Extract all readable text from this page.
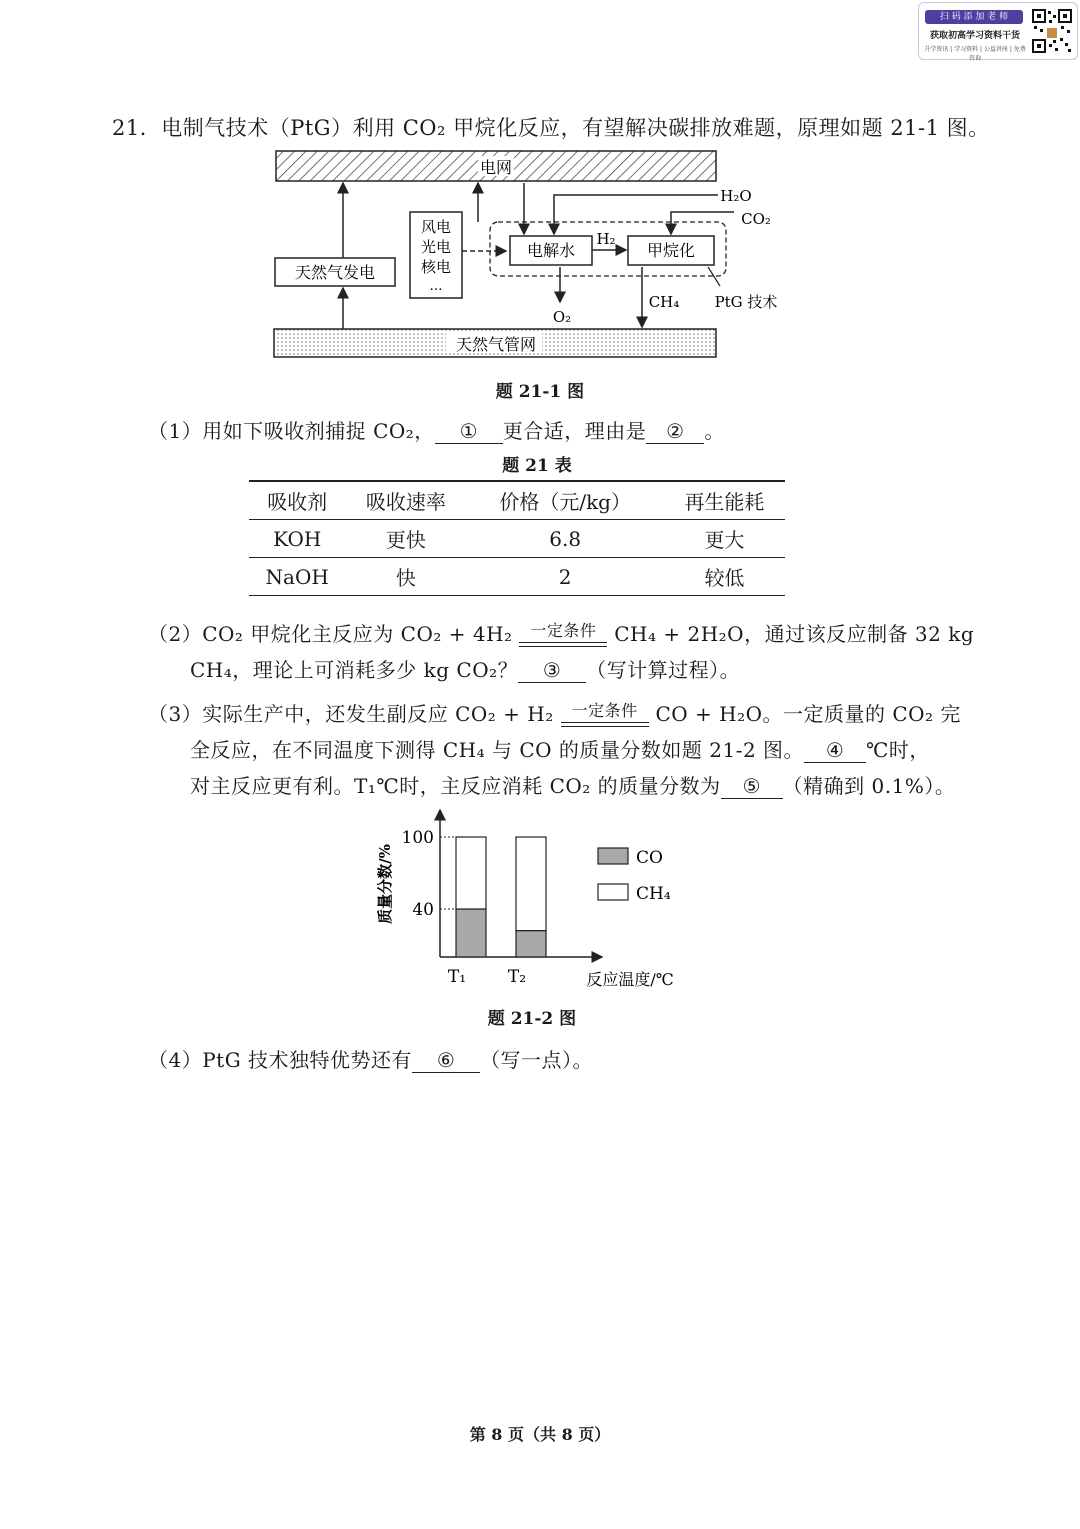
扫 码 添 加 老 师
获取初高学习资料干货
升学资讯 | 学习资料 | 公益讲座 | 免费咨询
21．电制气技术（PtG）利用 CO₂ 甲烷化反应，有望解决碳排放难题，原理如题 21-1 图。
电网
天然气管网
天然气发电
风电
光电
核电
…
电解水	甲烷化
H₂
H₂O
CO₂
O₂
CH₄ PtG 技术
题 21-1 图
（1）用如下吸收剂捕捉 CO₂， ① 更合适，理由是 ② 。
题 21 表
吸收剂	吸收速率	价格（元/kg）	再生能耗
KOH	更快	6.8	更大
NaOH	快	2	较低
（2）CO₂ 甲烷化主反应为 CO₂ + 4H₂	一定条件 CH₄ + 2H₂O，通过该反应制备 32 kg
CH₄，理论上可消耗多少 kg CO₂？ ③ （写计算过程）。
（3）实际生产中，还发生副反应 CO₂ + H₂	一定条件 CO + H₂O。一定质量的 CO₂ 完
全反应，在不同温度下测得 CH₄ 与 CO 的质量分数如题 21-2 图。 ④ ℃时，
对主反应更有利。T₁℃时，主反应消耗 CO₂ 的质量分数为 ⑤ （精确到 0.1%）。
质量分数/%
反应温度/℃
40
100
T₁ T₂
CO
CH₄
题 21-2 图
（4）PtG 技术独特优势还有 ⑥ （写一点）。
第 8 页（共 8 页）
